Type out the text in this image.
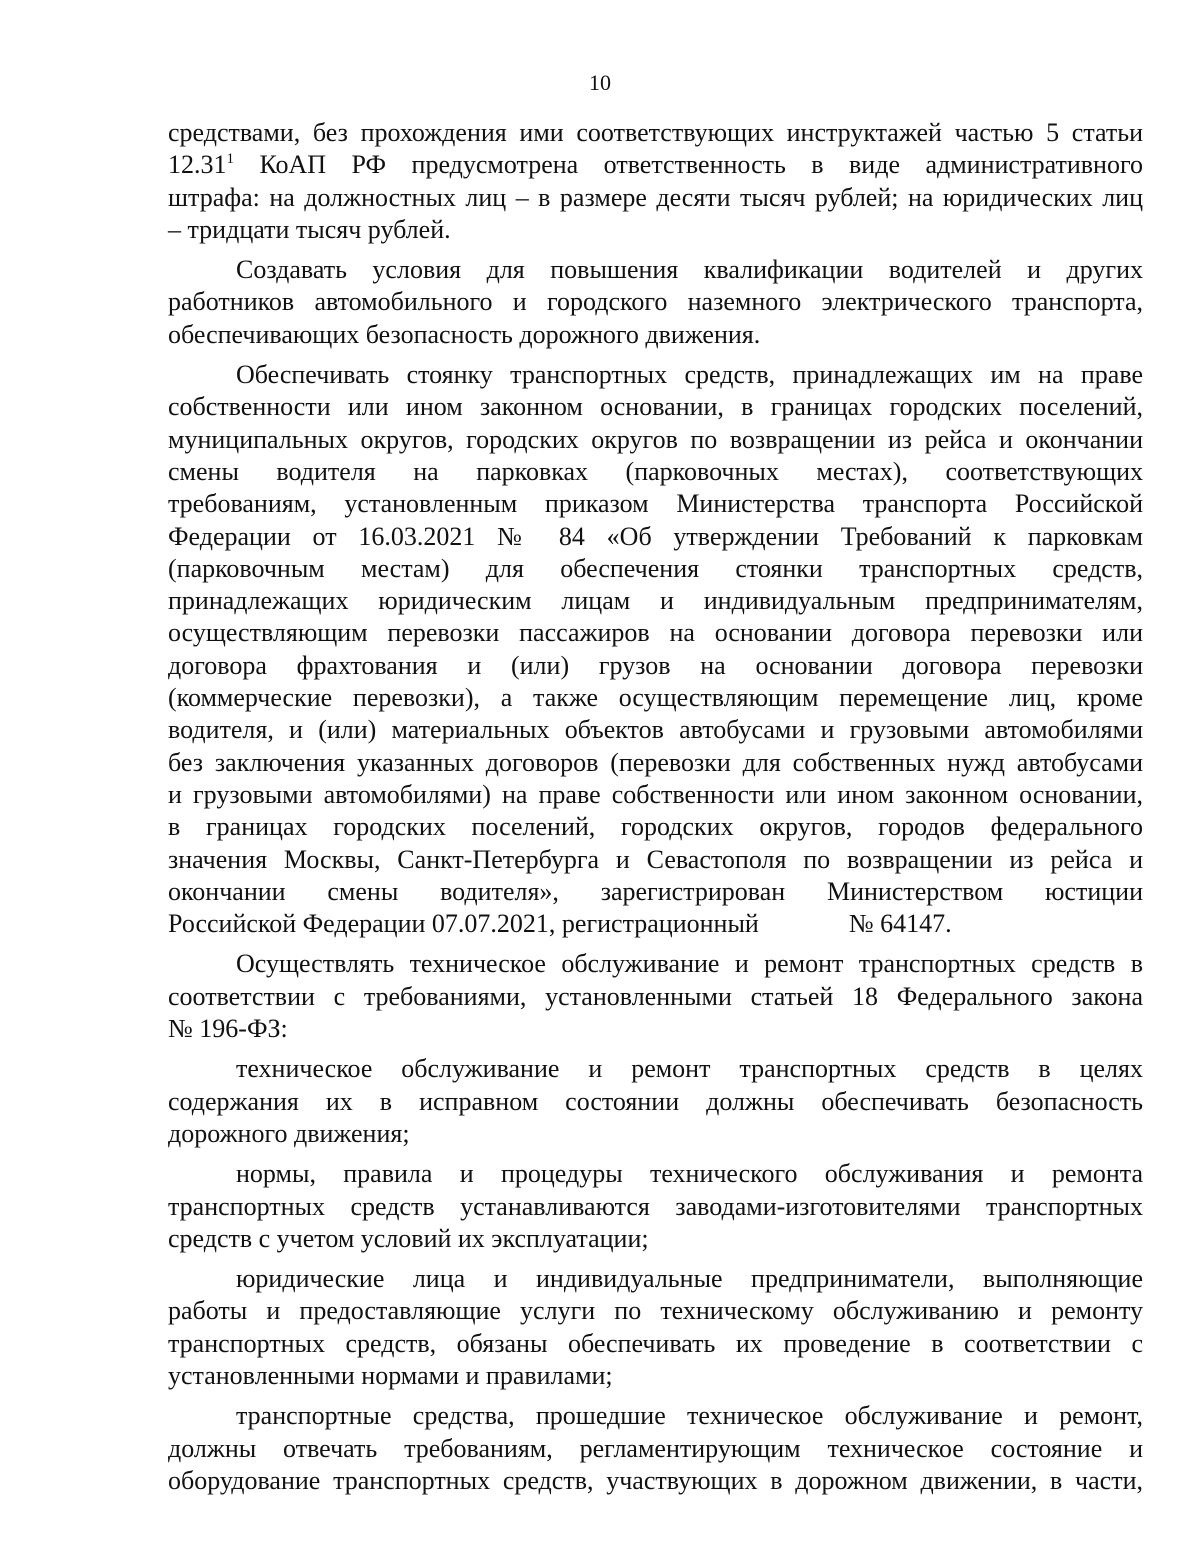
10

средствами, без прохождения ими соответствующих инструктажей частью 5 статьи
12.31$^1$ КоАП РФ предусмотрена ответственность в виде административного
штрафа: на должностных лиц – в размере десяти тысяч рублей; на юридических лиц
– тридцати тысяч рублей.

Создавать условия для повышения квалификации водителей и других
работников автомобильного и городского наземного электрического транспорта,
обеспечивающих безопасность дорожного движения.

Обеспечивать стоянку транспортных средств, принадлежащих им на праве
собственности или ином законном основании, в границах городских поселений,
муниципальных округов, городских округов по возвращении из рейса и окончании
смены водителя на парковках (парковочных местах), соответствующих
требованиям, установленным приказом Министерства транспорта Российской
Федерации от 16.03.2021 № 84 «Об утверждении Требований к парковкам
(парковочным местам) для обеспечения стоянки транспортных средств,
принадлежащих юридическим лицам и индивидуальным предпринимателям,
осуществляющим перевозки пассажиров на основании договора перевозки или
договора фрахтования и (или) грузов на основании договора перевозки
(коммерческие перевозки), а также осуществляющим перемещение лиц, кроме
водителя, и (или) материальных объектов автобусами и грузовыми автомобилями
без заключения указанных договоров (перевозки для собственных нужд автобусами
и грузовыми автомобилями) на праве собственности или ином законном основании,
в границах городских поселений, городских округов, городов федерального
значения Москвы, Санкт-Петербурга и Севастополя по возвращении из рейса и
окончании смены водителя», зарегистрирован Министерством юстиции
Российской Федерации 07.07.2021, регистрационный	№ 64147.

Осуществлять техническое обслуживание и ремонт транспортных средств в
соответствии с требованиями, установленными статьей 18 Федерального закона
№ 196-ФЗ:

техническое обслуживание и ремонт транспортных средств в целях
содержания их в исправном состоянии должны обеспечивать безопасность
дорожного движения;

нормы, правила и процедуры технического обслуживания и ремонта
транспортных средств устанавливаются заводами-изготовителями транспортных
средств с учетом условий их эксплуатации;

юридические лица и индивидуальные предприниматели, выполняющие
работы и предоставляющие услуги по техническому обслуживанию и ремонту
транспортных средств, обязаны обеспечивать их проведение в соответствии с
установленными нормами и правилами;

транспортные средства, прошедшие техническое обслуживание и ремонт,
должны отвечать требованиям, регламентирующим техническое состояние и
оборудование транспортных средств, участвующих в дорожном движении, в части,
